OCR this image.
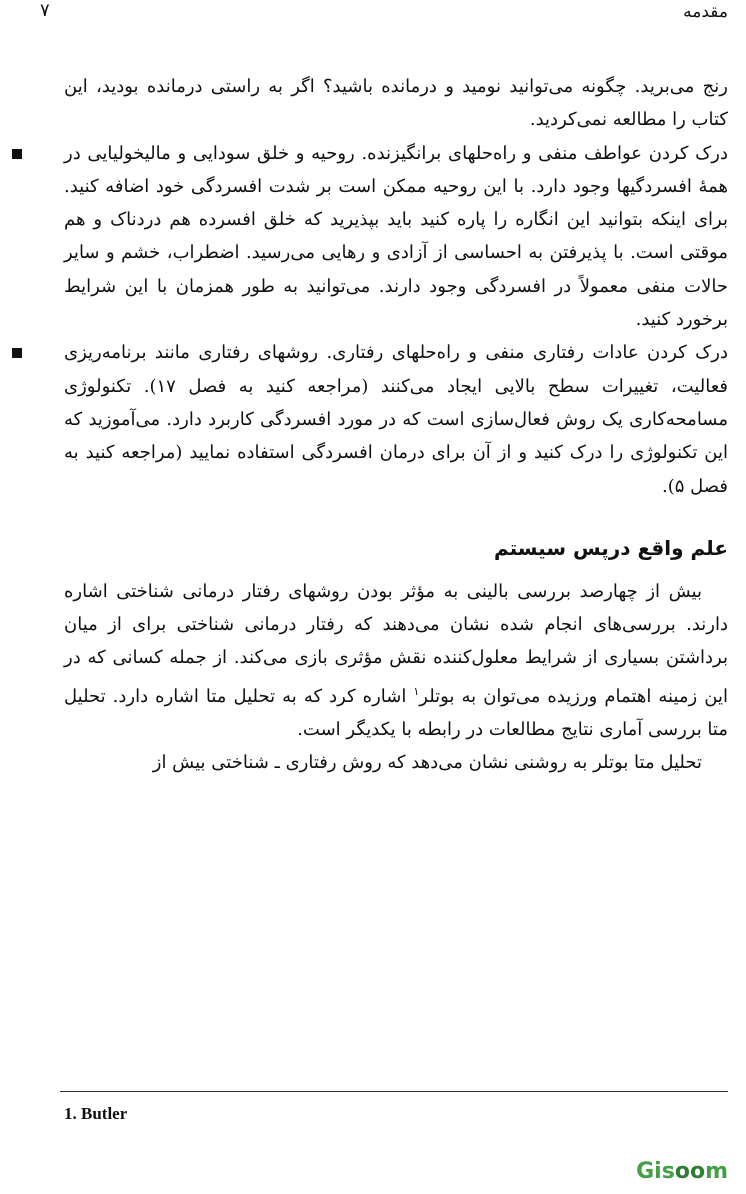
۷	مقدمه

رنج می‌برید. چگونه می‌توانید نومید و درمانده باشید؟ اگر به راستی درمانده بودید، این کتاب را مطالعه نمی‌کردید.

درک کردن عواطف منفی و راه‌حلهای برانگیزنده. روحیه و خلق سودایی و مالیخولیایی در همهٔ افسردگیها وجود دارد. با این روحیه ممکن است بر شدت افسردگی خود اضافه کنید. برای اینکه بتوانید این انگاره را پاره کنید باید بپذیرید که خلق افسرده هم دردناک و هم موقتی است. با پذیرفتن به احساسی از آزادی و رهایی می‌رسید. اضطراب، خشم و سایر حالات منفی معمولاً در افسردگی وجود دارند. می‌توانید به طور همزمان با این شرایط برخورد کنید.

درک کردن عادات رفتاری منفی و راه‌حلهای رفتاری. روشهای رفتاری مانند برنامه‌ریزی فعالیت، تغییرات سطح بالایی ایجاد می‌کنند (مراجعه کنید به فصل ۱۷). تکنولوژی مسامحه‌کاری یک روش فعال‌سازی است که در مورد افسردگی کاربرد دارد. می‌آموزید که این تکنولوژی را درک کنید و از آن برای درمان افسردگی استفاده نمایید (مراجعه کنید به فصل ۵).

علم واقع درپس سیستم

بیش از چهارصد بررسی بالینی به مؤثر بودن روشهای رفتار درمانی شناختی اشاره دارند. بررسی‌های انجام شده نشان می‌دهند که رفتار درمانی شناختی برای از میان برداشتن بسیاری از شرایط معلول‌کننده نقش مؤثری بازی می‌کند. از جمله کسانی که در این زمینه اهتمام ورزیده می‌توان به بوتلر$^۱$ اشاره کرد که به تحلیل متا اشاره دارد. تحلیل متا بررسی آماری نتایج مطالعات در رابطه با یکدیگر است.

تحلیل متا بوتلر به روشنی نشان می‌دهد که روش رفتاری ـ شناختی بیش از

1. Butler
Gisoom
